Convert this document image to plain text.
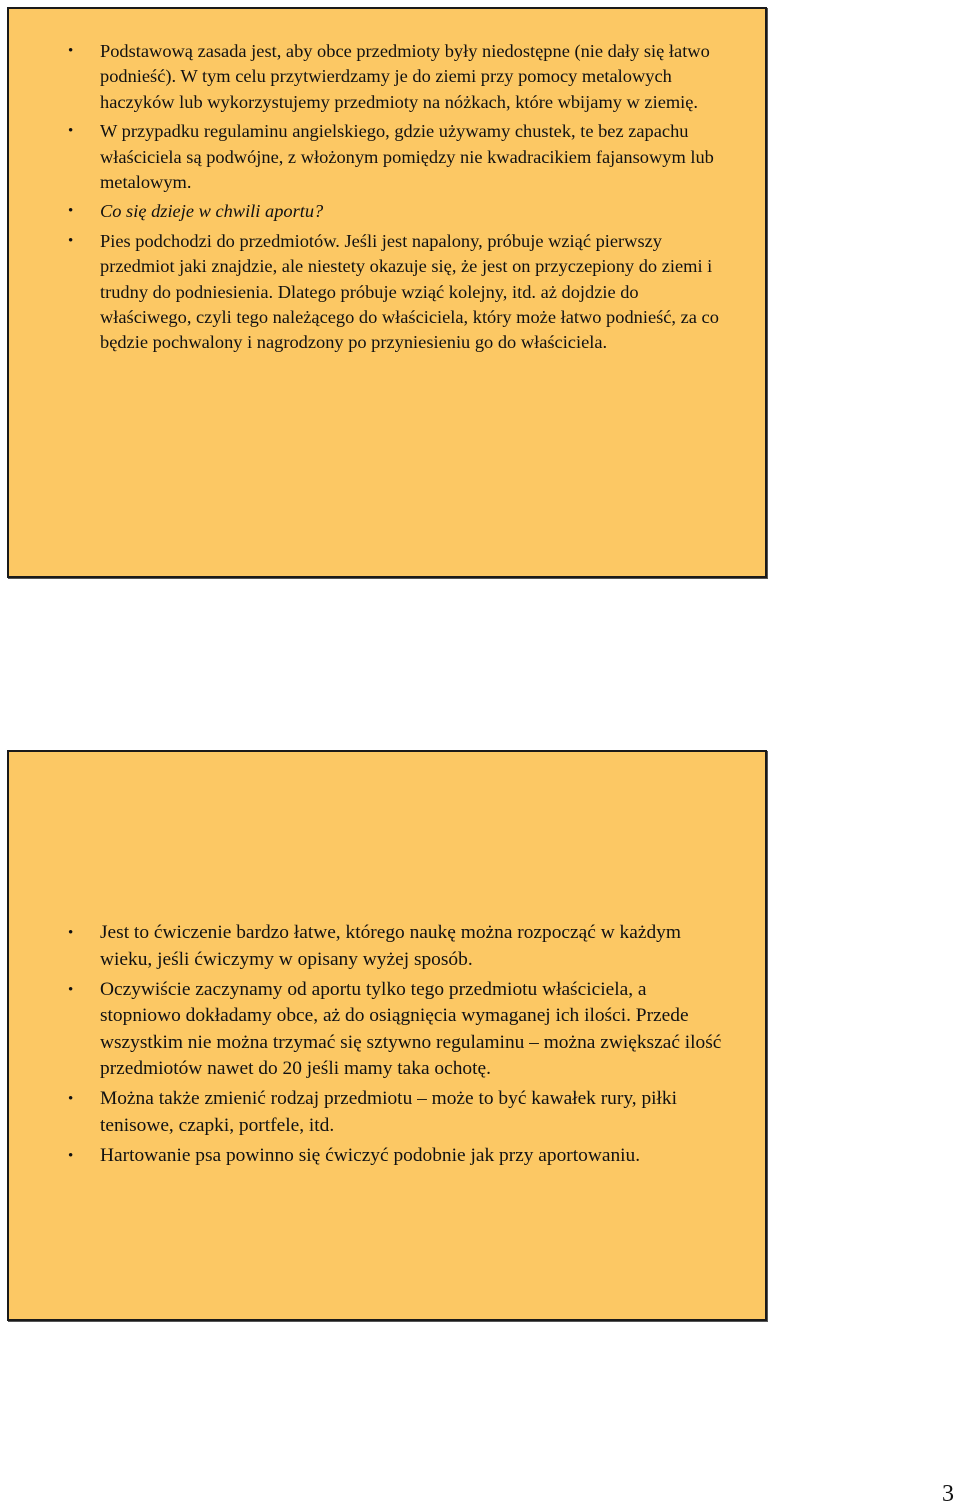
• Podstawową zasada jest, aby obce przedmioty były niedostępne (nie dały się łatwo podnieść). W tym celu przytwierdzamy je do ziemi przy pomocy metalowych haczyków lub wykorzystujemy przedmioty na nóżkach, które wbijamy w ziemię.
• W przypadku regulaminu angielskiego, gdzie używamy chustek, te bez zapachu właściciela są podwójne, z włożonym pomiędzy nie kwadracikiem fajansowym lub metalowym.
• Co się dzieje w chwili aportu?
• Pies podchodzi do przedmiotów. Jeśli jest napalony, próbuje wziąć pierwszy przedmiot jaki znajdzie, ale niestety okazuje się, że jest on przyczepiony do ziemi i trudny do podniesienia. Dlatego próbuje wziąć kolejny, itd. aż dojdzie do właściwego, czyli tego należącego do właściciela, który może łatwo podnieść, za co będzie pochwalony i nagrodzony po przyniesieniu go do właściciela.
• Jest to ćwiczenie bardzo łatwe, którego naukę można rozpocząć w każdym wieku, jeśli ćwiczymy w opisany wyżej sposób.
• Oczywiście zaczynamy od aportu tylko tego przedmiotu właściciela, a stopniowo dokładamy obce, aż do osiągnięcia wymaganej ich ilości. Przede wszystkim nie można trzymać się sztywno regulaminu – można zwiększać ilość przedmiotów nawet do 20 jeśli mamy taka ochotę.
• Można także zmienić rodzaj przedmiotu – może to być kawałek rury, piłki tenisowe, czapki, portfele, itd.
• Hartowanie psa powinno się ćwiczyć podobnie jak przy aportowaniu.
3
